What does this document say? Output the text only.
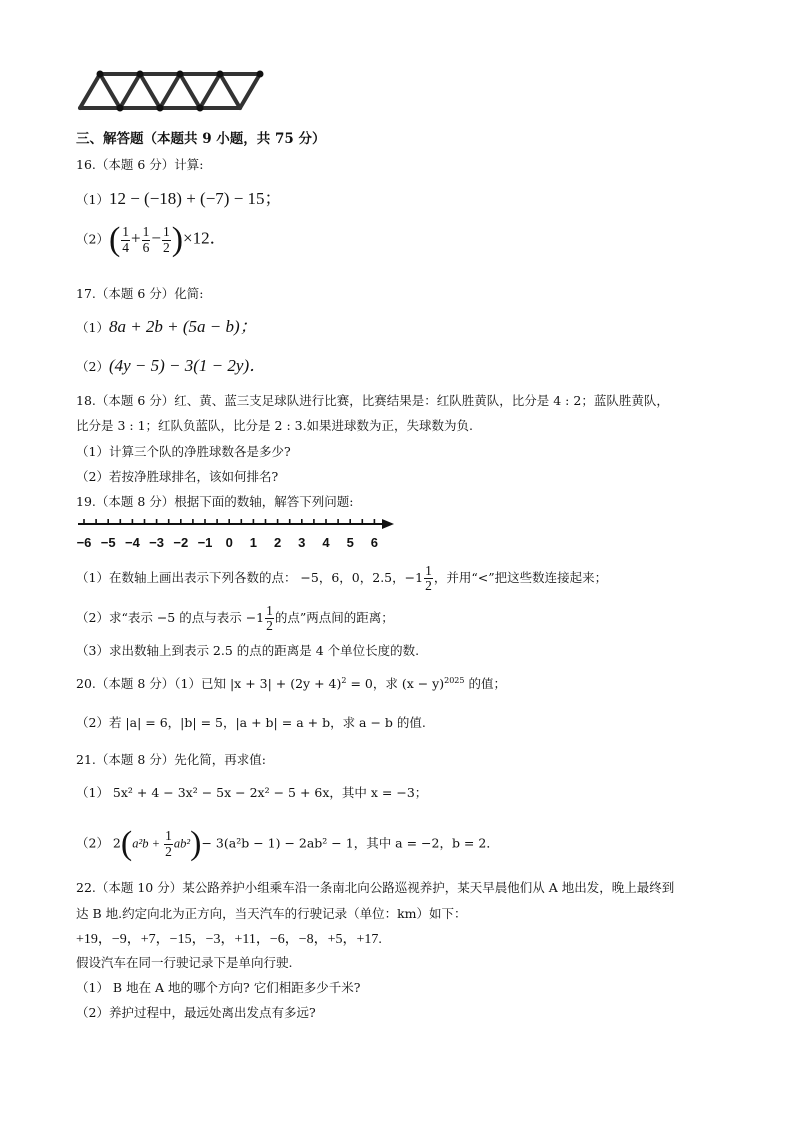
三、解答题（本题共 9 小题，共 75 分）
16.（本题 6 分）计算:
（1）12 − (−18) + (−7) − 15；
$(2)( \frac{1}{4} + \frac{1}{6} - \frac{1}{2} )\times 12$．
17.（本题 6 分）化简:
（1）8a + 2b + (5a − b)；
（2）(4y − 5) − 3(1 − 2y)．
18.（本题 6 分）红、黄、蓝三支足球队进行比赛，比赛结果是：红队胜黄队，比分是 4 : 2；蓝队胜黄队，
比分是 3 : 1；红队负蓝队，比分是 2 : 3.如果进球数为正，失球数为负.
（1）计算三个队的净胜球数各是多少?
（2）若按净胜球排名，该如何排名?
19.（本题 8 分）根据下面的数轴，解答下列问题:
−6 −5 −4 −3 −2 −1 0 1 2 3 4 5 6
（1）在数轴上画出表示下列各数的点： −5，6，0，2.5，$-1 \frac{1}{2}$ ，并用“<”把这些数连接起来；
（2）求“表示 −5 的点与表示 $-1 \frac{1}{2}$ 的点”两点间的距离；
（3）求出数轴上到表示 2.5 的点的距离是 4 个单位长度的数.
20.（本题 8 分）（1）已知 $|x + 3| + (2y + 4)^2 = 0$，求 $(x - y)^{2025}$ 的值；
（2）若 |a| = 6，|b| = 5，|a + b| = a + b，求 a − b 的值.
21.（本题 8 分）先化简，再求值:
（1） 5x² + 4 − 3x² − 5x − 2x² − 5 + 6x，其中 x = −3；
（2） $2(a^2b + \frac{1}{2} ab^2)- 3(a^2b - 1) - 2ab^2 - 1$，其中 a = −2，b = 2．
22.（本题 10 分）某公路养护小组乘车沿一条南北向公路巡视养护，某天早晨他们从 A 地出发，晚上最终到
达 B 地.约定向北为正方向，当天汽车的行驶记录（单位：km）如下：
+19，−9，+7，−15，−3，+11，−6，−8，+5，+17.
假设汽车在同一行驶记录下是单向行驶.
（1） B 地在 A 地的哪个方向? 它们相距多少千米?
（2）养护过程中，最远处离出发点有多远?
